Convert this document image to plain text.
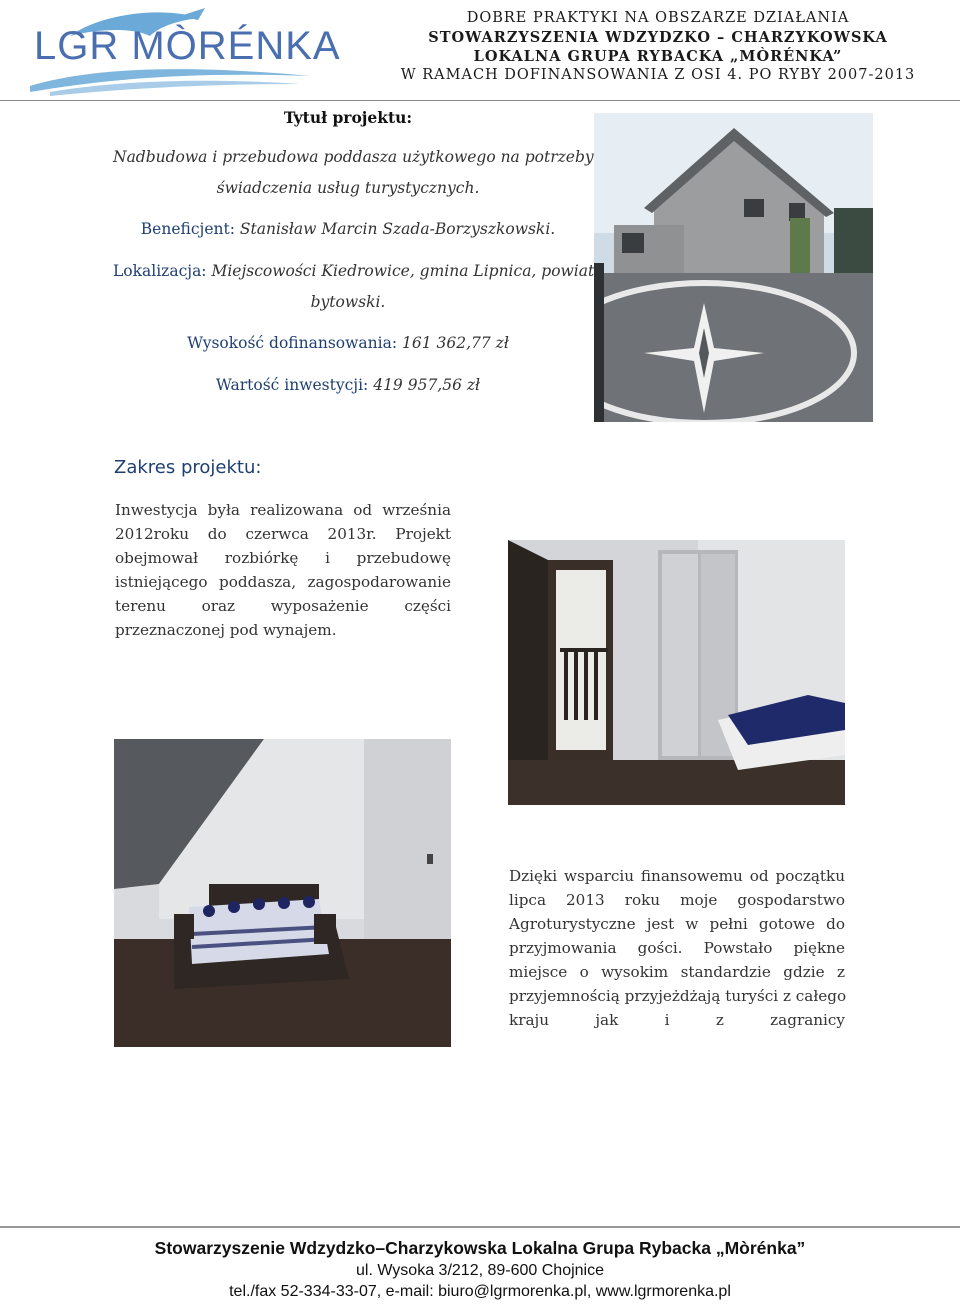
LGR MÒRÉNKA
DOBRE PRAKTYKI NA OBSZARZE DZIAŁANIA
STOWARZYSZENIA WDZYDZKO – CHARZYKOWSKA
LOKALNA GRUPA RYBACKA „MÒRÉNKA”
W RAMACH DOFINANSOWANIA Z OSI 4. PO RYBY 2007-2013
Tytuł projektu:
Nadbudowa i przebudowa poddasza użytkowego na potrzeby
świadczenia usług turystycznych.
Beneficjent: Stanisław Marcin Szada-Borzyszkowski.
Lokalizacja: Miejscowości Kiedrowice, gmina Lipnica, powiat
bytowski.
Wysokość dofinansowania: 161 362,77 zł
Wartość inwestycji: 419 957,56 zł
Zakres projektu:
Inwestycja była realizowana od września
2012roku do czerwca 2013r. Projekt
obejmował rozbiórkę i przebudowę
istniejącego poddasza, zagospodarowanie
terenu oraz wyposażenie części
przeznaczonej pod wynajem.
Dzięki wsparciu finansowemu od początku
lipca 2013 roku moje gospodarstwo
Agroturystyczne jest w pełni gotowe do
przyjmowania gości. Powstało piękne
miejsce o wysokim standardzie gdzie z
przyjemnością przyjeżdżają turyści z całego
kraju jak i z zagranicy
Stowarzyszenie Wdzydzko–Charzykowska Lokalna Grupa Rybacka „Mòrénka”
ul. Wysoka 3/212, 89-600 Chojnice
tel./fax 52-334-33-07, e-mail: biuro@lgrmorenka.pl, www.lgrmorenka.pl
